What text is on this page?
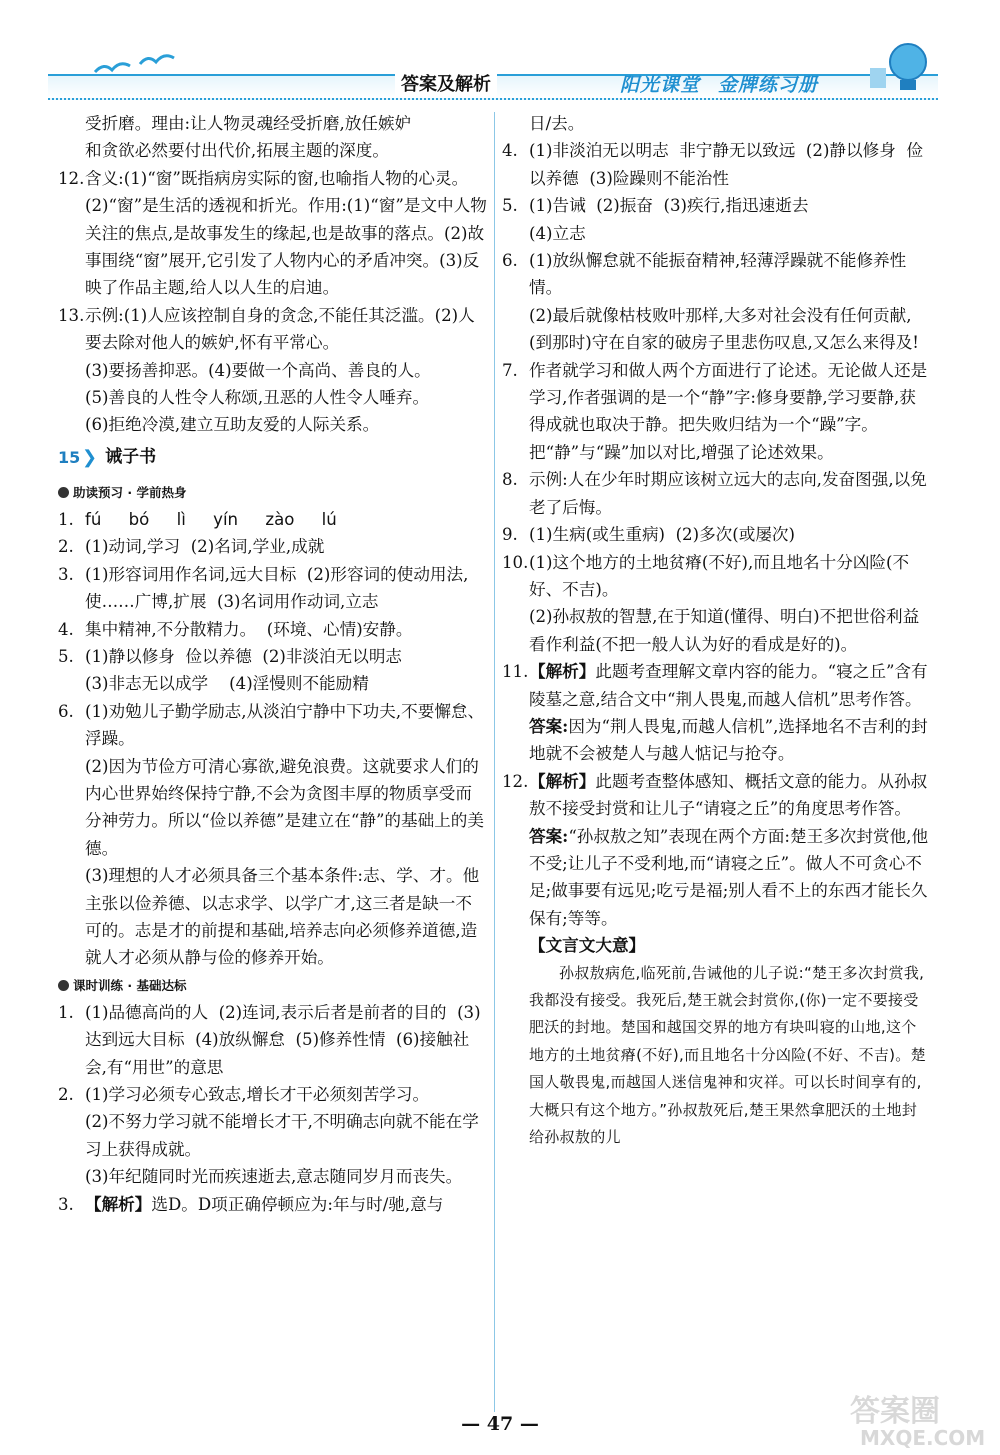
答案及解析	阳光课堂 金牌练习册
受折磨。理由:让人物灵魂经受折磨,放任嫉妒
和贪欲必然要付出代价,拓展主题的深度。
12. 含义:(1)“窗”既指病房实际的窗,也喻指人物的心灵。(2)“窗”是生活的透视和折光。作用:(1)“窗”是文中人物关注的焦点,是故事发生的缘起,也是故事的落点。(2)故事围绕“窗”展开,它引发了人物内心的矛盾冲突。(3)反映了作品主题,给人以人生的启迪。
13. 示例:(1)人应该控制自身的贪念,不能任其泛滥。(2)人要去除对他人的嫉妒,怀有平常心。
(3)要扬善抑恶。(4)要做一个高尚、善良的人。
(5)善良的人性令人称颂,丑恶的人性令人唾弃。
(6)拒绝冷漠,建立互助友爱的人际关系。
15 ❯ 诫子书
助读预习 · 学前热身
1. fú bó lì yín zào lú
2. (1)动词,学习  (2)名词,学业,成就
3. (1)形容词用作名词,远大目标  (2)形容词的使动用法,使……广博,扩展  (3)名词用作动词,立志
4. 集中精神,不分散精力。  (环境、心情)安静。
5. (1)静以修身  俭以养德  (2)非淡泊无以明志
(3)非志无以成学    (4)淫慢则不能励精
6. (1)劝勉儿子勤学励志,从淡泊宁静中下功夫,不要懈怠、浮躁。
(2)因为节俭方可清心寡欲,避免浪费。这就要求人们的内心世界始终保持宁静,不会为贪图丰厚的物质享受而分神劳力。所以“俭以养德”是建立在“静”的基础上的美德。
(3)理想的人才必须具备三个基本条件:志、学、才。他主张以俭养德、以志求学、以学广才,这三者是缺一不可的。志是才的前提和基础,培养志向必须修养道德,造就人才必须从静与俭的修养开始。
课时训练 · 基础达标
1. (1)品德高尚的人  (2)连词,表示后者是前者的目的  (3)达到远大目标  (4)放纵懈怠  (5)修养性情  (6)接触社会,有“用世”的意思
2. (1)学习必须专心致志,增长才干必须刻苦学习。
(2)不努力学习就不能增长才干,不明确志向就不能在学习上获得成就。
(3)年纪随同时光而疾速逝去,意志随同岁月而丧失。
3. 【解析】选D。D项正确停顿应为:年与时/驰,意与
日/去。
4. (1)非淡泊无以明志  非宁静无以致远  (2)静以修身  俭以养德  (3)险躁则不能治性
5. (1)告诫  (2)振奋  (3)疾行,指迅速逝去
(4)立志
6. (1)放纵懈怠就不能振奋精神,轻薄浮躁就不能修养性情。
(2)最后就像枯枝败叶那样,大多对社会没有任何贡献,(到那时)守在自家的破房子里悲伤叹息,又怎么来得及!
7. 作者就学习和做人两个方面进行了论述。无论做人还是学习,作者强调的是一个“静”字:修身要静,学习要静,获得成就也取决于静。把失败归结为一个“躁”字。把“静”与“躁”加以对比,增强了论述效果。
8. 示例:人在少年时期应该树立远大的志向,发奋图强,以免老了后悔。
9. (1)生病(或生重病)  (2)多次(或屡次)
10. (1)这个地方的土地贫瘠(不好),而且地名十分凶险(不好、不吉)。
(2)孙叔敖的智慧,在于知道(懂得、明白)不把世俗利益看作利益(不把一般人认为好的看成是好的)。
11. 【解析】此题考查理解文章内容的能力。“寝之丘”含有陵墓之意,结合文中“荆人畏鬼,而越人信机”思考作答。
答案:因为“荆人畏鬼,而越人信机”,选择地名不吉利的封地就不会被楚人与越人惦记与抢夺。
12. 【解析】此题考查整体感知、概括文意的能力。从孙叔敖不接受封赏和让儿子“请寝之丘”的角度思考作答。
答案:“孙叔敖之知”表现在两个方面:楚王多次封赏他,他不受;让儿子不受利地,而“请寝之丘”。做人不可贪心不足;做事要有远见;吃亏是福;别人看不上的东西才能长久保有;等等。
【文言文大意】
孙叔敖病危,临死前,告诫他的儿子说:“楚王多次封赏我,我都没有接受。我死后,楚王就会封赏你,(你)一定不要接受肥沃的封地。楚国和越国交界的地方有块叫寝的山地,这个地方的土地贫瘠(不好),而且地名十分凶险(不好、不吉)。楚国人敬畏鬼,而越国人迷信鬼神和灾祥。可以长时间享有的,大概只有这个地方。”孙叔敖死后,楚王果然拿肥沃的土地封给孙叔敖的儿
— 47 —	答案圈
MXQE.COM
